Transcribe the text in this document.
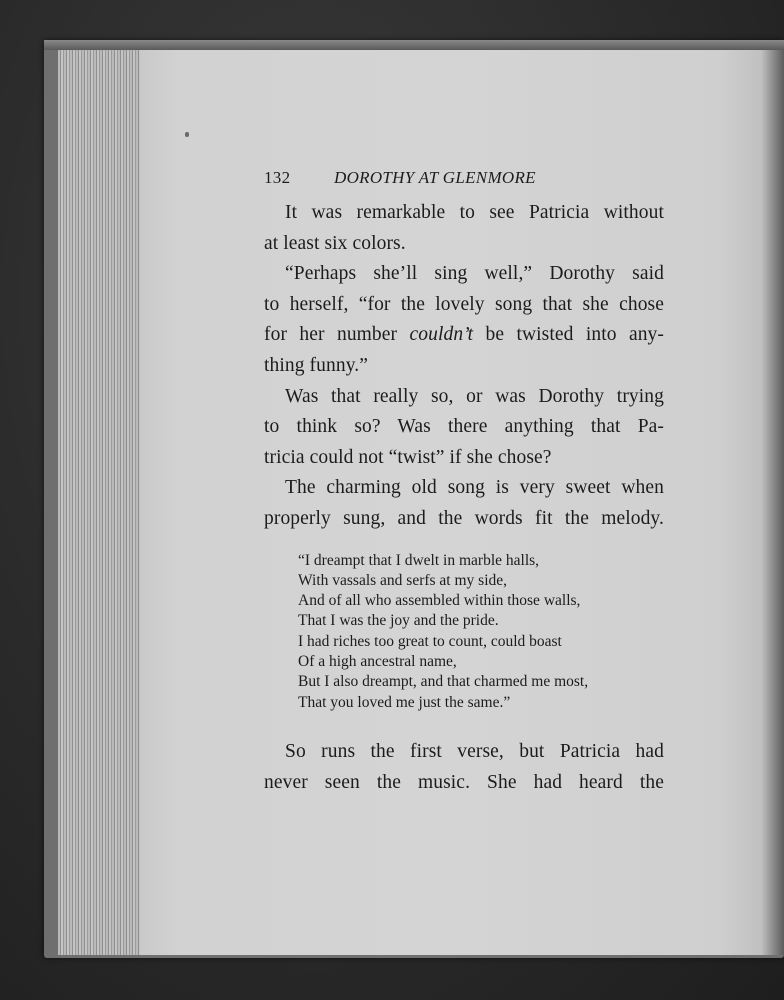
132	DOROTHY AT GLENMORE

It was remarkable to see Patricia without
at least six colors.

“Perhaps she’ll sing well,” Dorothy said
to herself, “for the lovely song that she chose
for her number couldn’t be twisted into any-
thing funny.”

Was that really so, or was Dorothy trying
to think so? Was there anything that Pa-
tricia could not “twist” if she chose?

The charming old song is very sweet when
properly sung, and the words fit the melody.

“I dreampt that I dwelt in marble halls,
With vassals and serfs at my side,
And of all who assembled within those walls,
That I was the joy and the pride.
I had riches too great to count, could boast
Of a high ancestral name,
But I also dreampt, and that charmed me most,
That you loved me just the same.”

So runs the first verse, but Patricia had
never seen the music. She had heard the
